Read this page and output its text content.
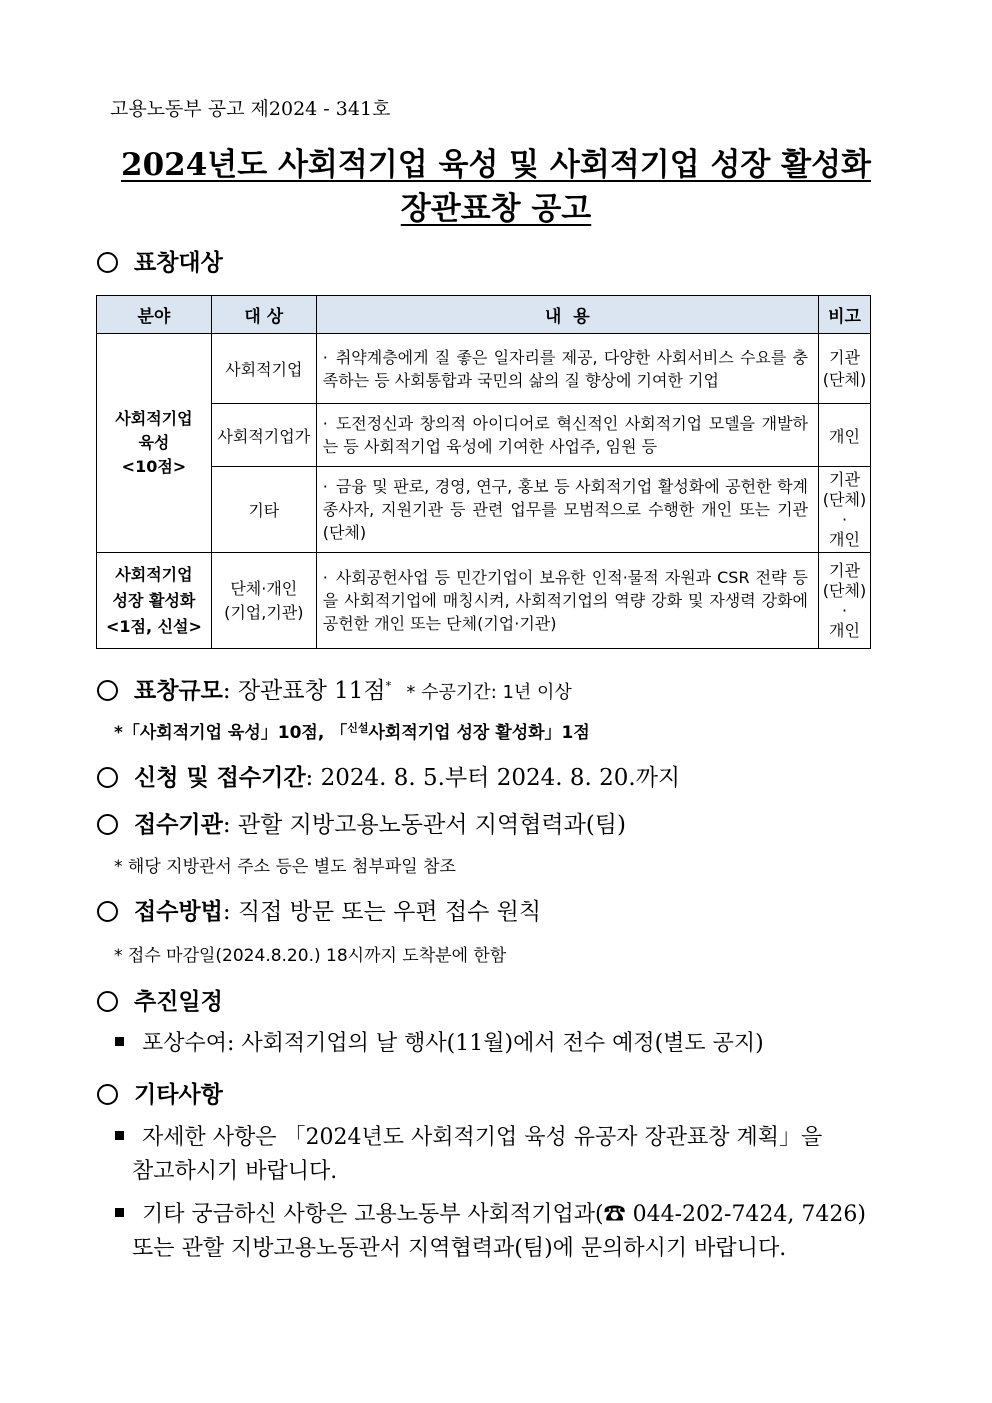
고용노동부 공고 제2024 - 341호
2024년도 사회적기업 육성 및 사회적기업 성장 활성화
장관표창 공고
표창대상
분야	대 상	내  용	비고
사회적기업
육성
<10점>	사회적기업	· 취약계층에게 질 좋은 일자리를 제공, 다양한 사회서비스 수요를 충족하는 등 사회통합과 국민의 삶의 질 향상에 기여한 기업	기관
(단체)
	사회적기업가	· 도전정신과 창의적 아이디어로 혁신적인 사회적기업 모델을 개발하는 등 사회적기업 육성에 기여한 사업주, 임원 등	개인
	기타	· 금융 및 판로, 경영, 연구, 홍보 등 사회적기업 활성화에 공헌한 학계 종사자, 지원기관 등 관련 업무를 모범적으로 수행한 개인 또는 기관(단체)	기관
(단체)
·
개인
사회적기업
성장 활성화
<1점, 신설>	단체·개인
(기업,기관)	· 사회공헌사업 등 민간기업이 보유한 인적·물적 자원과 CSR 전략 등을 사회적기업에 매칭시켜, 사회적기업의 역량 강화 및 자생력 강화에 공헌한 개인 또는 단체(기업·기관)	기관
(단체)
·
개인
표창규모: 장관표창 11점* * 수공기간: 1년 이상
*「사회적기업 육성」10점, 「$^{신설}$사회적기업 성장 활성화」1점
신청 및 접수기간: 2024. 8. 5.부터 2024. 8. 20.까지
접수기관: 관할 지방고용노동관서 지역협력과(팀)
* 해당 지방관서 주소 등은 별도 첨부파일 참조
접수방법: 직접 방문 또는 우편 접수 원칙
* 접수 마감일(2024.8.20.) 18시까지 도착분에 한함
추진일정
포상수여: 사회적기업의 날 행사(11월)에서 전수 예정(별도 공지)
기타사항
자세한 사항은 「2024년도 사회적기업 육성 유공자 장관표창 계획」을
참고하시기 바랍니다.
기타 궁금하신 사항은 고용노동부 사회적기업과(☎ 044-202-7424, 7426)
또는 관할 지방고용노동관서 지역협력과(팀)에 문의하시기 바랍니다.
